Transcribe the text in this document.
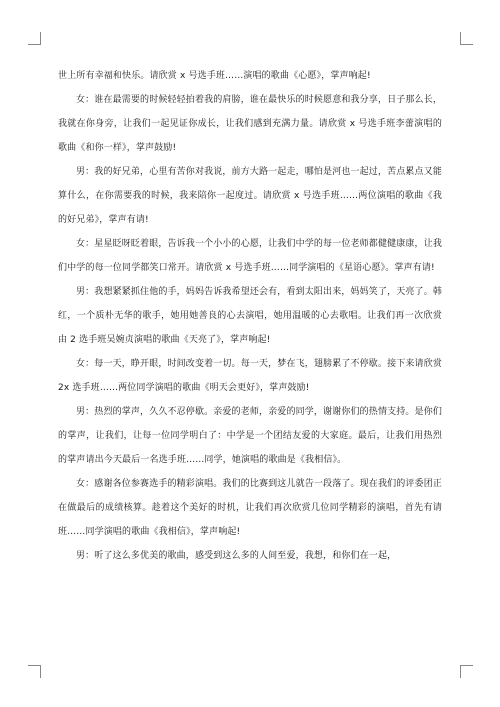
世上所有幸福和快乐。请欣赏 x 号选手班……演唱的歌曲《心愿》，掌声响起!

女：谁在最需要的时候轻轻拍着我的肩膀，谁在最快乐的时候愿意和我分享，日子那么长，我就在你身旁，让我们一起见证你成长，让我们感到充满力量。请欣赏 x 号选手班李蕾演唱的歌曲《和你一样》，掌声鼓励!

男：我的好兄弟，心里有苦你对我说，前方大路一起走，哪怕是河也一起过，苦点累点又能算什么，在你需要我的时候，我来陪你一起度过。请欣赏 x 号选手班……两位演唱的歌曲《我的好兄弟》，掌声有请!

女：星星眨呀眨着眼，告诉我一个小小的心愿，让我们中学的每一位老师都健健康康，让我们中学的每一位同学都笑口常开。请欣赏 x 号选手班……同学演唱的《星语心愿》。掌声有请!

男：我想紧紧抓住他的手，妈妈告诉我希望还会有，看到太阳出来，妈妈笑了，天亮了。韩红，一个质朴无华的歌手，她用她善良的心去演唱，她用温暖的心去歌唱。让我们再一次欣赏由 2 选手班吴婉贞演唱的歌曲《天亮了》，掌声响起!

女：每一天，睁开眼，时间改变着一切。每一天，梦在飞，翅膀累了不停歇。接下来请欣赏 2x 选手班……两位同学演唱的歌曲《明天会更好》，掌声鼓励!

男：热烈的掌声，久久不忍停歇。亲爱的老师，亲爱的同学，谢谢你们的热情支持。是你们的掌声，让我们，让每一位同学明白了：中学是一个团结友爱的大家庭。最后，让我们用热烈的掌声请出今天最后一名选手班……同学，她演唱的歌曲是《我相信》。

女：感谢各位参赛选手的精彩演唱。我们的比赛到这儿就告一段落了。现在我们的评委团正在做最后的成绩核算。趁着这个美好的时机，让我们再次欣赏几位同学精彩的演唱，首先有请班……同学演唱的歌曲《我相信》，掌声响起!

男：听了这么多优美的歌曲，感受到这么多的人间至爱，我想，和你们在一起，
